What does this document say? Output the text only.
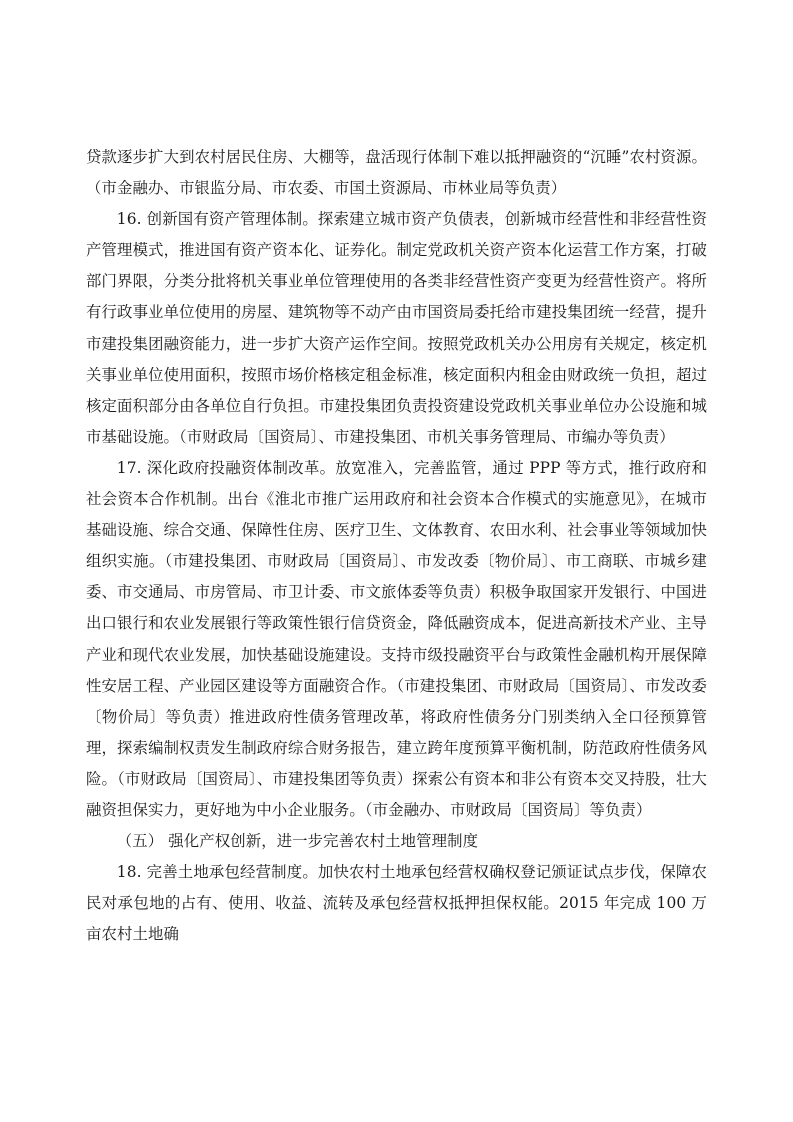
贷款逐步扩大到农村居民住房、大棚等，盘活现行体制下难以抵押融资的“沉睡”农村资源。（市金融办、市银监分局、市农委、市国土资源局、市林业局等负责）

16. 创新国有资产管理体制。探索建立城市资产负债表，创新城市经营性和非经营性资产管理模式，推进国有资产资本化、证券化。制定党政机关资产资本化运营工作方案，打破部门界限，分类分批将机关事业单位管理使用的各类非经营性资产变更为经营性资产。将所有行政事业单位使用的房屋、建筑物等不动产由市国资局委托给市建投集团统一经营，提升市建投集团融资能力，进一步扩大资产运作空间。按照党政机关办公用房有关规定，核定机关事业单位使用面积，按照市场价格核定租金标准，核定面积内租金由财政统一负担，超过核定面积部分由各单位自行负担。市建投集团负责投资建设党政机关事业单位办公设施和城市基础设施。（市财政局〔国资局〕、市建投集团、市机关事务管理局、市编办等负责）

17. 深化政府投融资体制改革。放宽准入，完善监管，通过 PPP 等方式，推行政府和社会资本合作机制。出台《淮北市推广运用政府和社会资本合作模式的实施意见》，在城市基础设施、综合交通、保障性住房、医疗卫生、文体教育、农田水利、社会事业等领域加快组织实施。（市建投集团、市财政局〔国资局〕、市发改委〔物价局〕、市工商联、市城乡建委、市交通局、市房管局、市卫计委、市文旅体委等负责）积极争取国家开发银行、中国进出口银行和农业发展银行等政策性银行信贷资金，降低融资成本，促进高新技术产业、主导产业和现代农业发展，加快基础设施建设。支持市级投融资平台与政策性金融机构开展保障性安居工程、产业园区建设等方面融资合作。（市建投集团、市财政局〔国资局〕、市发改委〔物价局〕等负责）推进政府性债务管理改革，将政府性债务分门别类纳入全口径预算管理，探索编制权责发生制政府综合财务报告，建立跨年度预算平衡机制，防范政府性债务风险。（市财政局〔国资局〕、市建投集团等负责）探索公有资本和非公有资本交叉持股，壮大融资担保实力，更好地为中小企业服务。（市金融办、市财政局〔国资局〕等负责）

（五） 强化产权创新，进一步完善农村土地管理制度

18. 完善土地承包经营制度。加快农村土地承包经营权确权登记颁证试点步伐，保障农民对承包地的占有、使用、收益、流转及承包经营权抵押担保权能。2015 年完成 100 万亩农村土地确
